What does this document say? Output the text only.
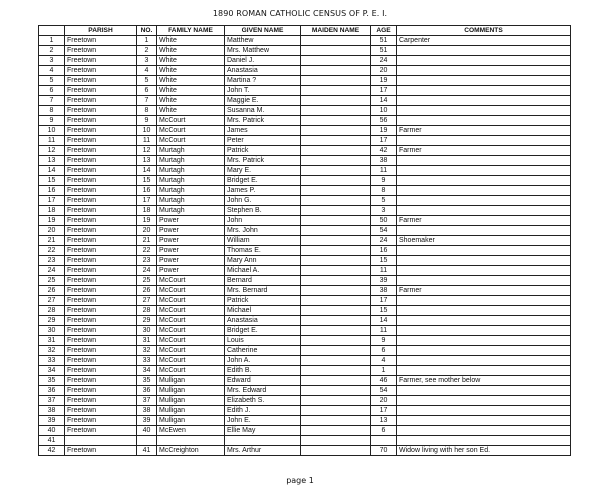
1890 ROMAN CATHOLIC CENSUS OF P. E. I.
	PARISH	NO.	FAMILY NAME	GIVEN NAME	MAIDEN NAME	AGE	COMMENTS
1	Freetown	1	White	Matthew		51	Carpenter
2	Freetown	2	White	Mrs. Matthew		51	
3	Freetown	3	White	Daniel J.		24	
4	Freetown	4	White	Anastasia		20	
5	Freetown	5	White	Martina ?		19	
6	Freetown	6	White	John T.		17	
7	Freetown	7	White	Maggie E.		14	
8	Freetown	8	White	Susanna M.		10	
9	Freetown	9	McCourt	Mrs. Patrick		56	
10	Freetown	10	McCourt	James		19	Farmer
11	Freetown	11	McCourt	Peter		17	
12	Freetown	12	Murtagh	Patrick		42	Farmer
13	Freetown	13	Murtagh	Mrs. Patrick		38	
14	Freetown	14	Murtagh	Mary E.		11	
15	Freetown	15	Murtagh	Bridget E.		9	
16	Freetown	16	Murtagh	James P.		8	
17	Freetown	17	Murtagh	John G.		5	
18	Freetown	18	Murtagh	Stephen B.		3	
19	Freetown	19	Power	John		50	Farmer
20	Freetown	20	Power	Mrs. John		54	
21	Freetown	21	Power	William		24	Shoemaker
22	Freetown	22	Power	Thomas E.		16	
23	Freetown	23	Power	Mary Ann		15	
24	Freetown	24	Power	Michael A.		11	
25	Freetown	25	McCourt	Bernard		39	
26	Freetown	26	McCourt	Mrs. Bernard		38	Farmer
27	Freetown	27	McCourt	Patrick		17	
28	Freetown	28	McCourt	Michael		15	
29	Freetown	29	McCourt	Anastasia		14	
30	Freetown	30	McCourt	Bridget E.		11	
31	Freetown	31	McCourt	Louis		9	
32	Freetown	32	McCourt	Catherine		6	
33	Freetown	33	McCourt	John A.		4	
34	Freetown	34	McCourt	Edith B.		1	
35	Freetown	35	Mulligan	Edward		46	Farmer, see mother below
36	Freetown	36	Mulligan	Mrs. Edward		54	
37	Freetown	37	Mulligan	Elizabeth S.		20	
38	Freetown	38	Mulligan	Edith J.		17	
39	Freetown	39	Mulligan	John E.		13	
40	Freetown	40	McEwen	Ellie May		6	
41							
42	Freetown	41	McCreighton	Mrs. Arthur		70	Widow living with her son Ed.
page 1
